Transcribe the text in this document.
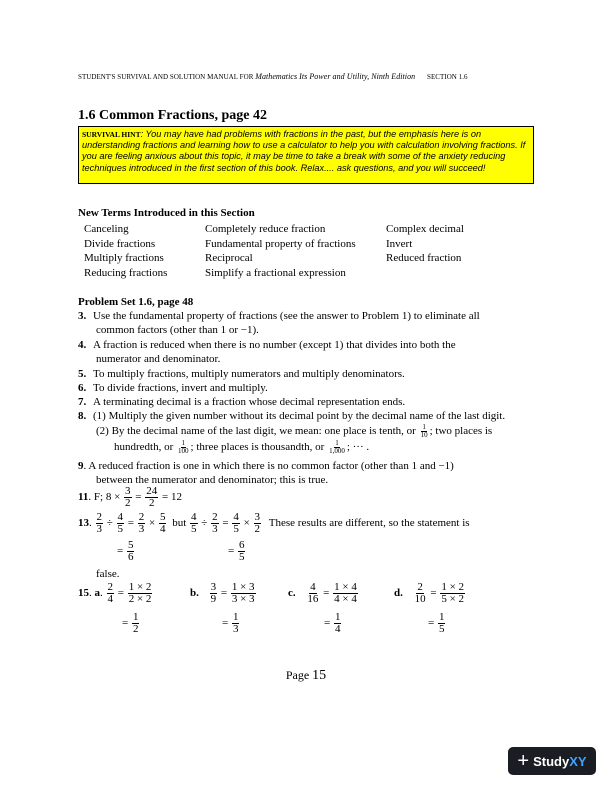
STUDENT'S SURVIVAL AND SOLUTION MANUAL FOR Mathematics Its Power and Utility, Ninth Edition SECTION 1.6
1.6 Common Fractions, page 42
SURVIVAL HINT: You may have had problems with fractions in the past, but the emphasis here is on understanding fractions and learning how to use a calculator to help you with calculation involving fractions. If you are feeling anxious about this topic, it may be time to take a break with some of the anxiety reducing techniques introduced in the first section of this book. Relax.... ask questions, and you will succeed!
New Terms Introduced in this Section
Canceling
Divide fractions
Multiply fractions
Reducing fractions
Completely reduce fraction
Fundamental property of fractions
Reciprocal
Simplify a fractional expression
Complex decimal
Invert
Reduced fraction
Problem Set 1.6, page 48
3. Use the fundamental property of fractions (see the answer to Problem 1) to eliminate all
common factors (other than 1 or −1).
4. A fraction is reduced when there is no number (except 1) that divides into both the
numerator and denominator.
5. To multiply fractions, multiply numerators and multiply denominators.
6. To divide fractions, invert and multiply.
7. A terminating decimal is a fraction whose decimal representation ends.
8. (1) Multiply the given number without its decimal point by the decimal name of the last digit.
(2) By the decimal name of the last digit, we mean: one place is tenth, or $\frac{1}{10}$ ; two places is
hundredth, or $\frac{1}{100}$ ; three places is thousandth, or $\frac{1}{1,000}$ ; ··· .
9. A reduced fraction is one in which there is no common factor (other than 1 and −1)
between the numerator and denominator; this is true.
11. F; $8 \times \frac{3}{2} = \frac{24}{2} = 12$
13. $\frac{2}{3} \div \frac{4}{5} = \frac{2}{3} \times \frac{5}{4}$ but $\frac{4}{5} \div \frac{2}{3} = \frac{4}{5} \times \frac{3}{2}$ These results are different, so the statement is
= $\frac{5}{6}$	= $\frac{6}{5}$
false.
15. a. $\frac{2}{4} = \frac{1 \times 2}{2 \times 2}$
= $\frac{1}{2}$
b. $\frac{3}{9} = \frac{1 \times 3}{3 \times 3}$
= $\frac{1}{3}$
c. $\frac{4}{16} = \frac{1 \times 4}{4 \times 4}$
= $\frac{1}{4}$
d. $\frac{2}{10} = \frac{1 \times 2}{5 \times 2}$
= $\frac{1}{5}$
Page 15
+ StudyXY
